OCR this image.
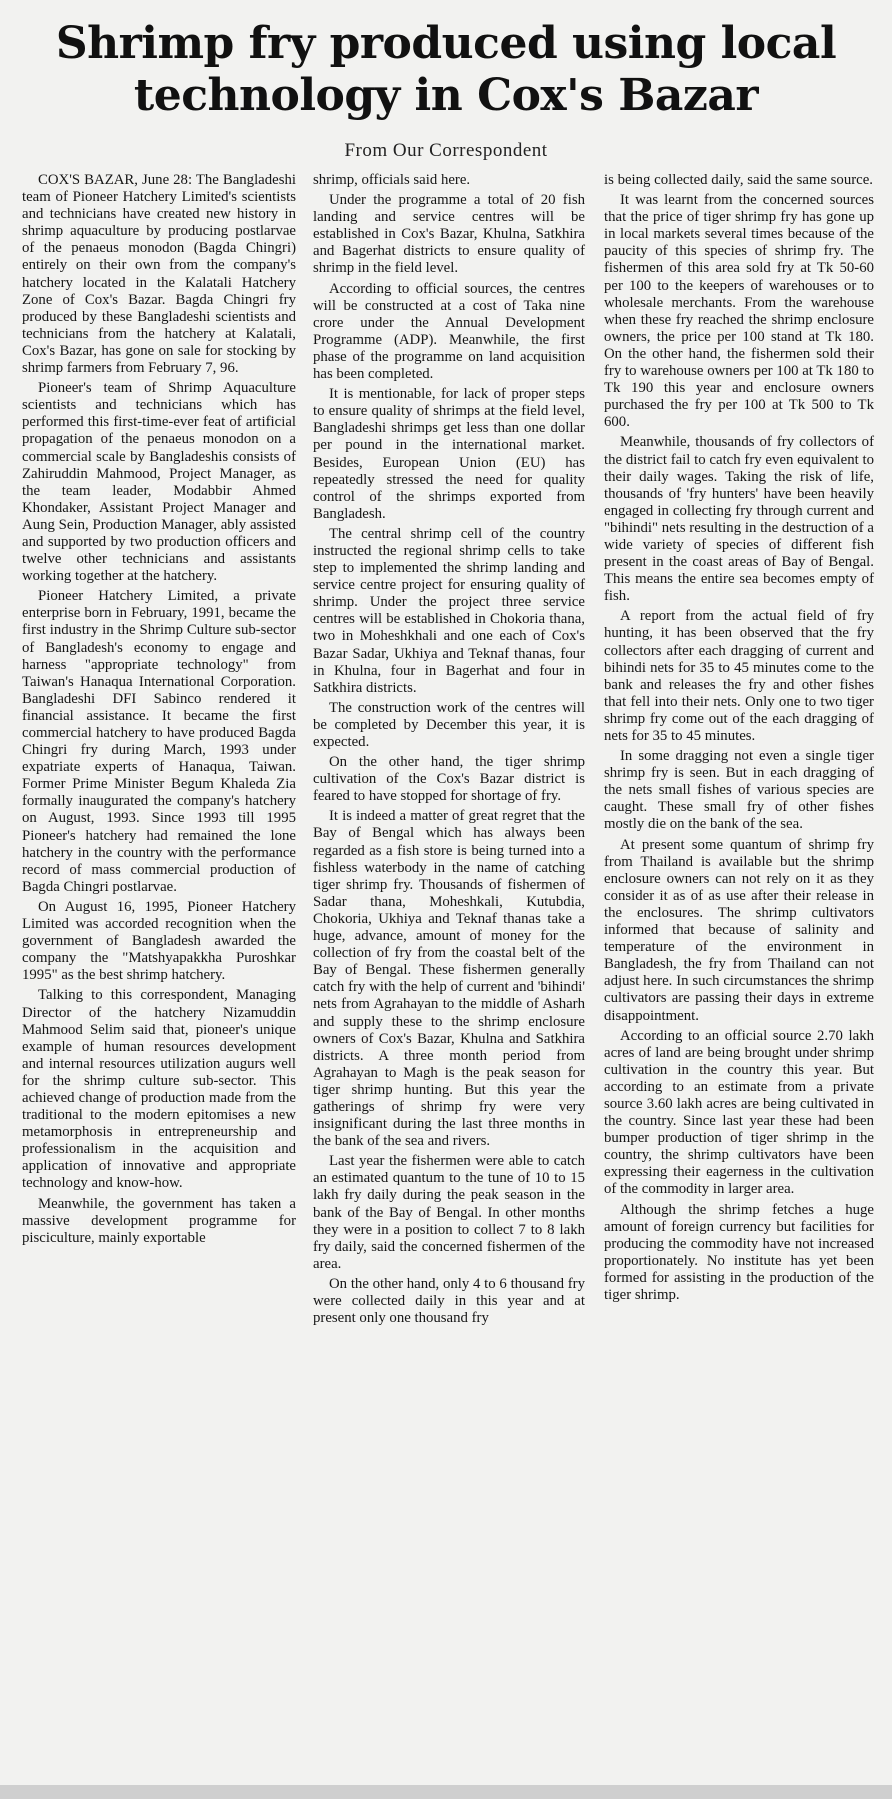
Shrimp fry produced using local
technology in Cox's Bazar
From Our Correspondent

COX'S BAZAR, June 28: The Bangladeshi team of Pioneer Hatchery Limited's scientists and technicians have created new history in shrimp aquaculture by producing postlarvae of the penaeus monodon (Bagda Chingri) entirely on their own from the company's hatchery located in the Kalatali Hatchery Zone of Cox's Bazar. Bagda Chingri fry produced by these Bangladeshi scientists and technicians from the hatchery at Kalatali, Cox's Bazar, has gone on sale for stocking by shrimp farmers from February 7, 96.

Pioneer's team of Shrimp Aquaculture scientists and technicians which has performed this first-time-ever feat of artificial propagation of the penaeus monodon on a commercial scale by Bangladeshis consists of Zahiruddin Mahmood, Project Manager, as the team leader, Modabbir Ahmed Khondaker, Assistant Project Manager and Aung Sein, Production Manager, ably assisted and supported by two production officers and twelve other technicians and assistants working together at the hatchery.

Pioneer Hatchery Limited, a private enterprise born in February, 1991, became the first industry in the Shrimp Culture sub-sector of Bangladesh's economy to engage and harness "appropriate technology" from Taiwan's Hanaqua International Corporation. Bangladeshi DFI Sabinco rendered it financial assistance. It became the first commercial hatchery to have produced Bagda Chingri fry during March, 1993 under expatriate experts of Hanaqua, Taiwan. Former Prime Minister Begum Khaleda Zia formally inaugurated the company's hatchery on August, 1993. Since 1993 till 1995 Pioneer's hatchery had remained the lone hatchery in the country with the performance record of mass commercial production of Bagda Chingri postlarvae.

On August 16, 1995, Pioneer Hatchery Limited was accorded recognition when the government of Bangladesh awarded the company the "Matshyapakkha Puroshkar 1995" as the best shrimp hatchery.

Talking to this correspondent, Managing Director of the hatchery Nizamuddin Mahmood Selim said that, pioneer's unique example of human resources development and internal resources utilization augurs well for the shrimp culture sub-sector. This achieved change of production made from the traditional to the modern epitomises a new metamorphosis in entrepreneurship and professionalism in the acquisition and application of innovative and appropriate technology and know-how.

Meanwhile, the government has taken a massive development programme for pisciculture, mainly exportable

shrimp, officials said here.

Under the programme a total of 20 fish landing and service centres will be established in Cox's Bazar, Khulna, Satkhira and Bagerhat districts to ensure quality of shrimp in the field level.

According to official sources, the centres will be constructed at a cost of Taka nine crore under the Annual Development Programme (ADP). Meanwhile, the first phase of the programme on land acquisition has been completed.

It is mentionable, for lack of proper steps to ensure quality of shrimps at the field level, Bangladeshi shrimps get less than one dollar per pound in the international market. Besides, European Union (EU) has repeatedly stressed the need for quality control of the shrimps exported from Bangladesh.

The central shrimp cell of the country instructed the regional shrimp cells to take step to implemented the shrimp landing and service centre project for ensuring quality of shrimp. Under the project three service centres will be established in Chokoria thana, two in Moheshkhali and one each of Cox's Bazar Sadar, Ukhiya and Teknaf thanas, four in Khulna, four in Bagerhat and four in Satkhira districts.

The construction work of the centres will be completed by December this year, it is expected.

On the other hand, the tiger shrimp cultivation of the Cox's Bazar district is feared to have stopped for shortage of fry.

It is indeed a matter of great regret that the Bay of Bengal which has always been regarded as a fish store is being turned into a fishless waterbody in the name of catching tiger shrimp fry. Thousands of fishermen of Sadar thana, Moheshkali, Kutubdia, Chokoria, Ukhiya and Teknaf thanas take a huge, advance, amount of money for the collection of fry from the coastal belt of the Bay of Bengal. These fishermen generally catch fry with the help of current and 'bihindi' nets from Agrahayan to the middle of Asharh and supply these to the shrimp enclosure owners of Cox's Bazar, Khulna and Satkhira districts. A three month period from Agrahayan to Magh is the peak season for tiger shrimp hunting. But this year the gatherings of shrimp fry were very insignificant during the last three months in the bank of the sea and rivers.

Last year the fishermen were able to catch an estimated quantum to the tune of 10 to 15 lakh fry daily during the peak season in the bank of the Bay of Bengal. In other months they were in a position to collect 7 to 8 lakh fry daily, said the concerned fishermen of the area.

On the other hand, only 4 to 6 thousand fry were collected daily in this year and at present only one thousand fry

is being collected daily, said the same source.

It was learnt from the concerned sources that the price of tiger shrimp fry has gone up in local markets several times because of the paucity of this species of shrimp fry. The fishermen of this area sold fry at Tk 50-60 per 100 to the keepers of warehouses or to wholesale merchants. From the warehouse when these fry reached the shrimp enclosure owners, the price per 100 stand at Tk 180. On the other hand, the fishermen sold their fry to warehouse owners per 100 at Tk 180 to Tk 190 this year and enclosure owners purchased the fry per 100 at Tk 500 to Tk 600.

Meanwhile, thousands of fry collectors of the district fail to catch fry even equivalent to their daily wages. Taking the risk of life, thousands of 'fry hunters' have been heavily engaged in collecting fry through current and "bihindi" nets resulting in the destruction of a wide variety of species of different fish present in the coast areas of Bay of Bengal. This means the entire sea becomes empty of fish.

A report from the actual field of fry hunting, it has been observed that the fry collectors after each dragging of current and bihindi nets for 35 to 45 minutes come to the bank and releases the fry and other fishes that fell into their nets. Only one to two tiger shrimp fry come out of the each dragging of nets for 35 to 45 minutes.

In some dragging not even a single tiger shrimp fry is seen. But in each dragging of the nets small fishes of various species are caught. These small fry of other fishes mostly die on the bank of the sea.

At present some quantum of shrimp fry from Thailand is available but the shrimp enclosure owners can not rely on it as they consider it as of as use after their release in the enclosures. The shrimp cultivators informed that because of salinity and temperature of the environment in Bangladesh, the fry from Thailand can not adjust here. In such circumstances the shrimp cultivators are passing their days in extreme disappointment.

According to an official source 2.70 lakh acres of land are being brought under shrimp cultivation in the country this year. But according to an estimate from a private source 3.60 lakh acres are being cultivated in the country. Since last year these had been bumper production of tiger shrimp in the country, the shrimp cultivators have been expressing their eagerness in the cultivation of the commodity in larger area.

Although the shrimp fetches a huge amount of foreign currency but facilities for producing the commodity have not increased proportionately. No institute has yet been formed for assisting in the production of the tiger shrimp.
